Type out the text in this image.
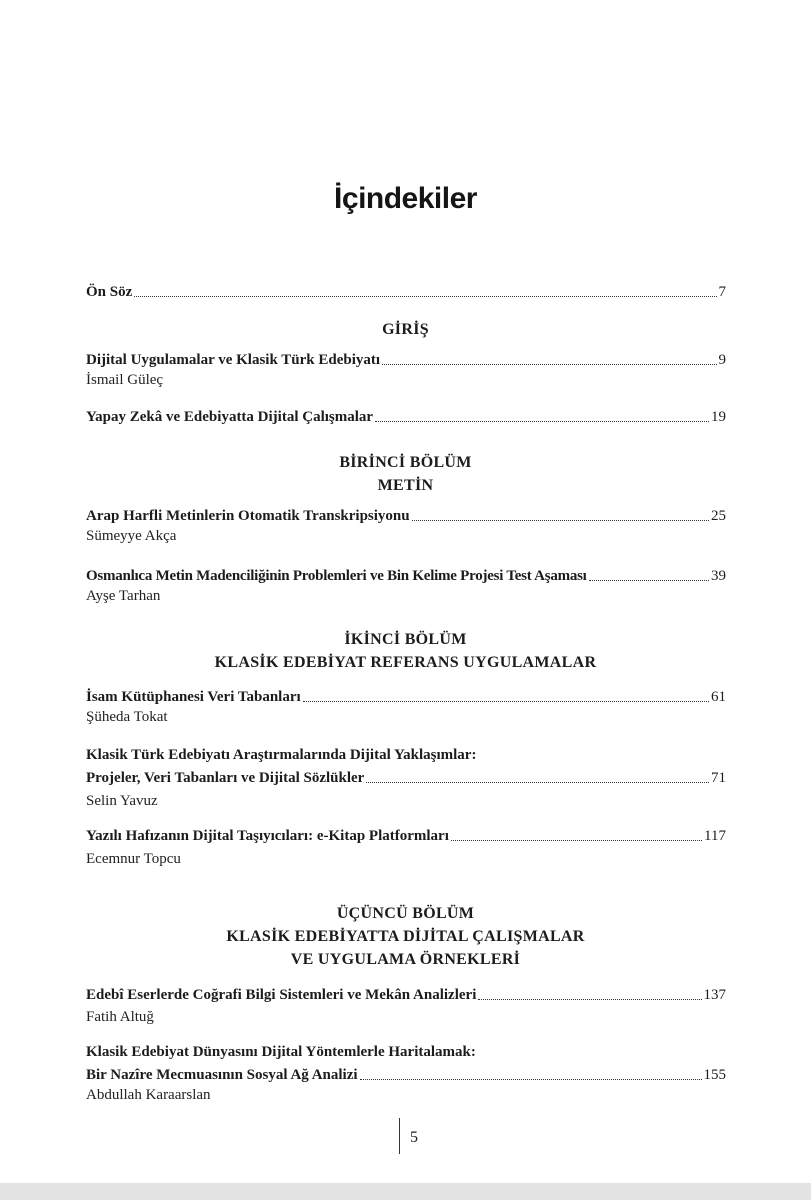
İçindekiler
Ön Söz	7
GİRİŞ
Dijital Uygulamalar ve Klasik Türk Edebiyatı	9
İsmail Güleç
Yapay Zekâ ve Edebiyatta Dijital Çalışmalar	19
BİRİNCİ BÖLÜM
METİN
Arap Harfli Metinlerin Otomatik Transkripsiyonu	25
Sümeyye Akça
Osmanlıca Metin Madenciliğinin Problemleri ve Bin Kelime Projesi Test Aşaması	39
Ayşe Tarhan
İKİNCİ BÖLÜM
KLASİK EDEBİYAT REFERANS UYGULAMALAR
İsam Kütüphanesi Veri Tabanları	61
Şüheda Tokat
Klasik Türk Edebiyatı Araştırmalarında Dijital Yaklaşımlar:
Projeler, Veri Tabanları ve Dijital Sözlükler	71
Selin Yavuz
Yazılı Hafızanın Dijital Taşıyıcıları: e-Kitap Platformları	117
Ecemnur Topcu
ÜÇÜNCÜ BÖLÜM
KLASİK EDEBİYATTA DİJİTAL ÇALIŞMALAR
VE UYGULAMA ÖRNEKLERİ
Edebî Eserlerde Coğrafi Bilgi Sistemleri ve Mekân Analizleri	137
Fatih Altuğ
Klasik Edebiyat Dünyasını Dijital Yöntemlerle Haritalamak:
Bir Nazîre Mecmuasının Sosyal Ağ Analizi	155
Abdullah Karaarslan
5
